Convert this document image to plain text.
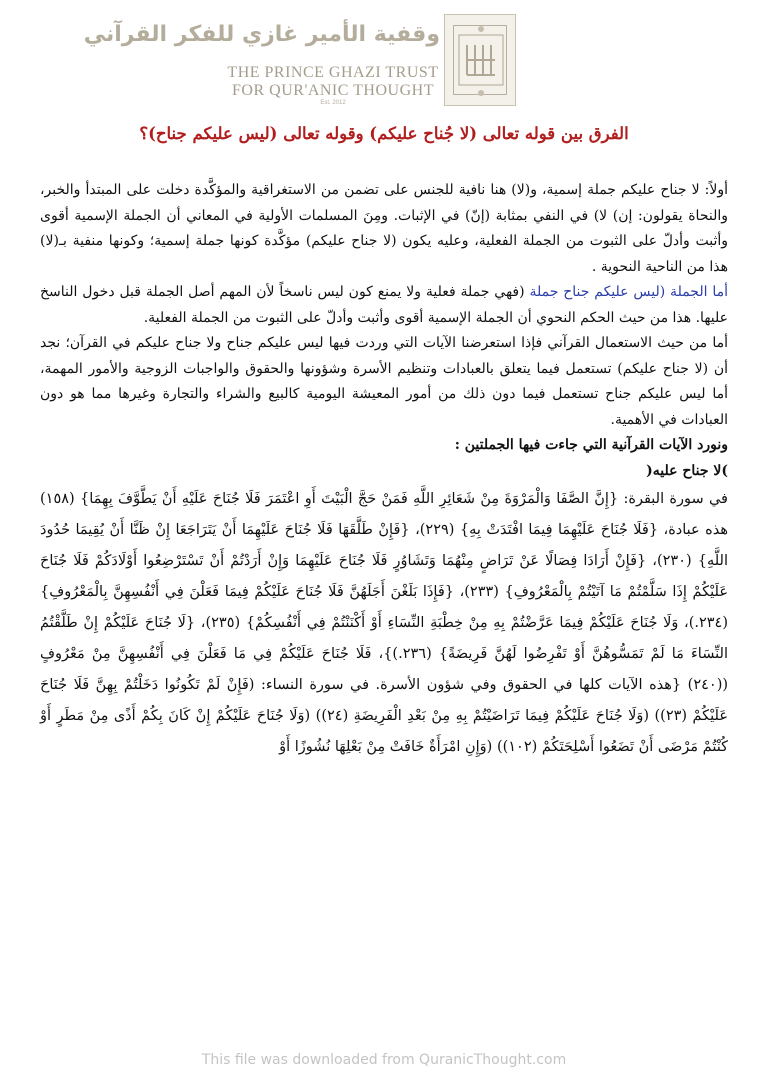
وقفية الأمير غازي للفكر القرآني
THE PRINCE GHAZI TRUST
FOR QUR'ANIC THOUGHT
Est. 2012
الفرق بين قوله تعالى (لا جُناح عليكم) وقوله تعالى (ليس عليكم جناح)؟

أولاً: لا جناح عليكم جملة إسمية، و(لا) هنا نافية للجنس على تضمن من الاستغراقية والمؤكَّدة دخلت على المبتدأ والخبر، والنحاة يقولون: إن) لا) في النفي بمثابة (إنّ) في الإثبات. ومِنَ المسلمات الأولية في المعاني أن الجملة الإسمية أقوى وأثبت وأدلّ على الثبوت من الجملة الفعلية، وعليه يكون (لا جناح عليكم) مؤكَّدة كونها جملة إسمية؛ وكونها منفية بـ(لا) هذا من الناحية النحوية .

أما الجملة (ليس عليكم جناح جملة (فهي جملة فعلية ولا يمنع كون ليس ناسخاً لأن المهم أصل الجملة قبل دخول الناسخ عليها. هذا من حيث الحكم النحوي أن الجملة الإسمية أقوى وأثبت وأدلّ على الثبوت من الجملة الفعلية.

أما من حيث الاستعمال القرآني فإذا استعرضنا الآيات التي وردت فيها ليس عليكم جناح ولا جناح عليكم في القرآن؛ نجد أن (لا جناح عليكم) تستعمل فيما يتعلق بالعبادات وتنظيم الأسرة وشؤونها والحقوق والواجبات الزوجية والأمور المهمة، أما ليس عليكم جناح تستعمل فيما دون ذلك من أمور المعيشة اليومية كالبيع والشراء والتجارة وغيرها مما هو دون العبادات في الأهمية.

ونورد الآيات القرآنية التي جاءت فيها الجملتين :

)لا جناح عليه(

في سورة البقرة: {إِنَّ الصَّفَا وَالْمَرْوَةَ مِنْ شَعَائِرِ اللَّهِ فَمَنْ حَجَّ الْبَيْتَ أَوِ اعْتَمَرَ فَلَا جُنَاحَ عَلَيْهِ أَنْ يَطَّوَّفَ بِهِمَا} (١٥٨) هذه عبادة، {فَلَا جُنَاحَ عَلَيْهِمَا فِيمَا افْتَدَتْ بِهِ} (٢٢٩)، {فَإِنْ طَلَّقَهَا فَلَا جُنَاحَ عَلَيْهِمَا أَنْ يَتَرَاجَعَا إِنْ ظَنَّا أَنْ يُقِيمَا حُدُودَ اللَّهِ} (٢٣٠)، {فَإِنْ أَرَادَا فِصَالًا عَنْ تَرَاضٍ مِنْهُمَا وَتَشَاوُرٍ فَلَا جُنَاحَ عَلَيْهِمَا وَإِنْ أَرَدْتُمْ أَنْ تَسْتَرْضِعُوا أَوْلَادَكُمْ فَلَا جُنَاحَ عَلَيْكُمْ إِذَا سَلَّمْتُمْ مَا آتَيْتُمْ بِالْمَعْرُوفِ} (٢٣٣)، {فَإِذَا بَلَغْنَ أَجَلَهُنَّ فَلَا جُنَاحَ عَلَيْكُمْ فِيمَا فَعَلْنَ فِي أَنْفُسِهِنَّ بِالْمَعْرُوفِ}(٢٣٤.)، وَلَا جُنَاحَ عَلَيْكُمْ فِيمَا عَرَّضْتُمْ بِهِ مِنْ خِطْبَةِ النِّسَاءِ أَوْ أَكْنَنْتُمْ فِي أَنْفُسِكُمْ} (٢٣٥)، {لَا جُنَاحَ عَلَيْكُمْ إِنْ طَلَّقْتُمُ النِّسَاءَ مَا لَمْ تَمَسُّوهُنَّ أَوْ تَفْرِضُوا لَهُنَّ فَرِيضَةً} (٢٣٦.)}، فَلَا جُنَاحَ عَلَيْكُمْ فِي مَا فَعَلْنَ فِي أَنْفُسِهِنَّ مِنْ مَعْرُوفٍ ((٢٤٠) {هذه الآيات كلها في الحقوق وفي شؤون الأسرة. في سورة النساء: (فَإِنْ لَمْ تَكُونُوا دَخَلْتُمْ بِهِنَّ فَلَا جُنَاحَ عَلَيْكُمْ (٢٣)) (وَلَا جُنَاحَ عَلَيْكُمْ فِيمَا تَرَاضَيْتُمْ بِهِ مِنْ بَعْدِ الْفَرِيضَةِ (٢٤)) (وَلَا جُنَاحَ عَلَيْكُمْ إِنْ كَانَ بِكُمْ أَذًى مِنْ مَطَرٍ أَوْ كُنْتُمْ مَرْضَى أَنْ تَضَعُوا أَسْلِحَتَكُمْ (١٠٢)) (وَإِنِ امْرَأَةٌ خَافَتْ مِنْ بَعْلِهَا نُشُوزًا أَوْ

This file was downloaded from QuranicThought.com
